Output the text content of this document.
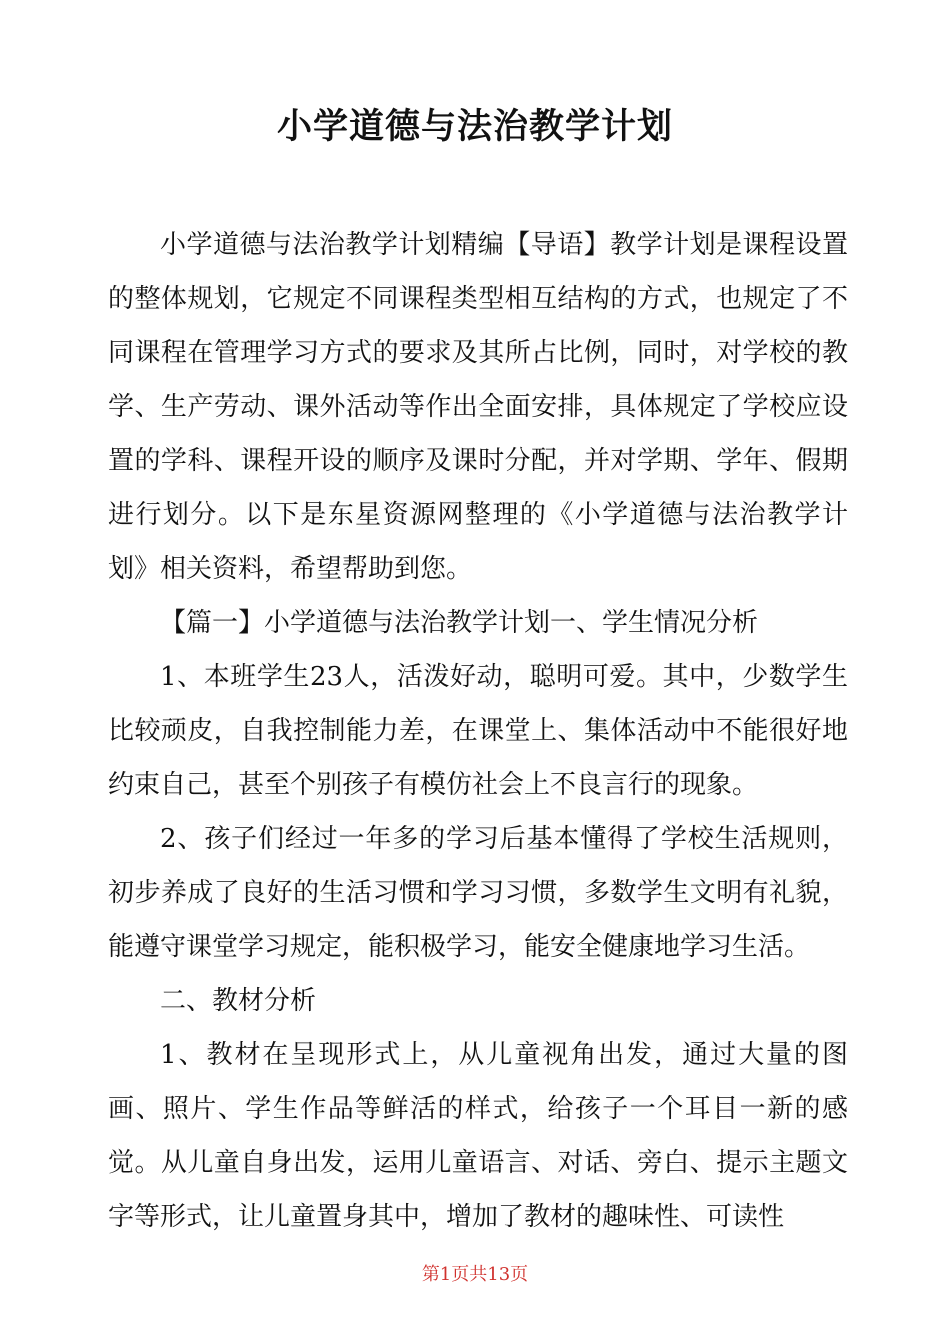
小学道德与法治教学计划

小学道德与法治教学计划精编【导语】教学计划是课程设置的整体规划，它规定不同课程类型相互结构的方式，也规定了不同课程在管理学习方式的要求及其所占比例，同时，对学校的教学、生产劳动、课外活动等作出全面安排，具体规定了学校应设置的学科、课程开设的顺序及课时分配，并对学期、学年、假期进行划分。以下是东星资源网整理的《小学道德与法治教学计划》相关资料，希望帮助到您。

【篇一】小学道德与法治教学计划一、学生情况分析

1、本班学生23人，活泼好动，聪明可爱。其中，少数学生比较顽皮，自我控制能力差，在课堂上、集体活动中不能很好地约束自己，甚至个别孩子有模仿社会上不良言行的现象。

2、孩子们经过一年多的学习后基本懂得了学校生活规则，初步养成了良好的生活习惯和学习习惯，多数学生文明有礼貌，能遵守课堂学习规定，能积极学习，能安全健康地学习生活。

二、教材分析

1、教材在呈现形式上，从儿童视角出发，通过大量的图画、照片、学生作品等鲜活的样式，给孩子一个耳目一新的感觉。从儿童自身出发，运用儿童语言、对话、旁白、提示主题文字等形式，让儿童置身其中，增加了教材的趣味性、可读性

第1页共13页
